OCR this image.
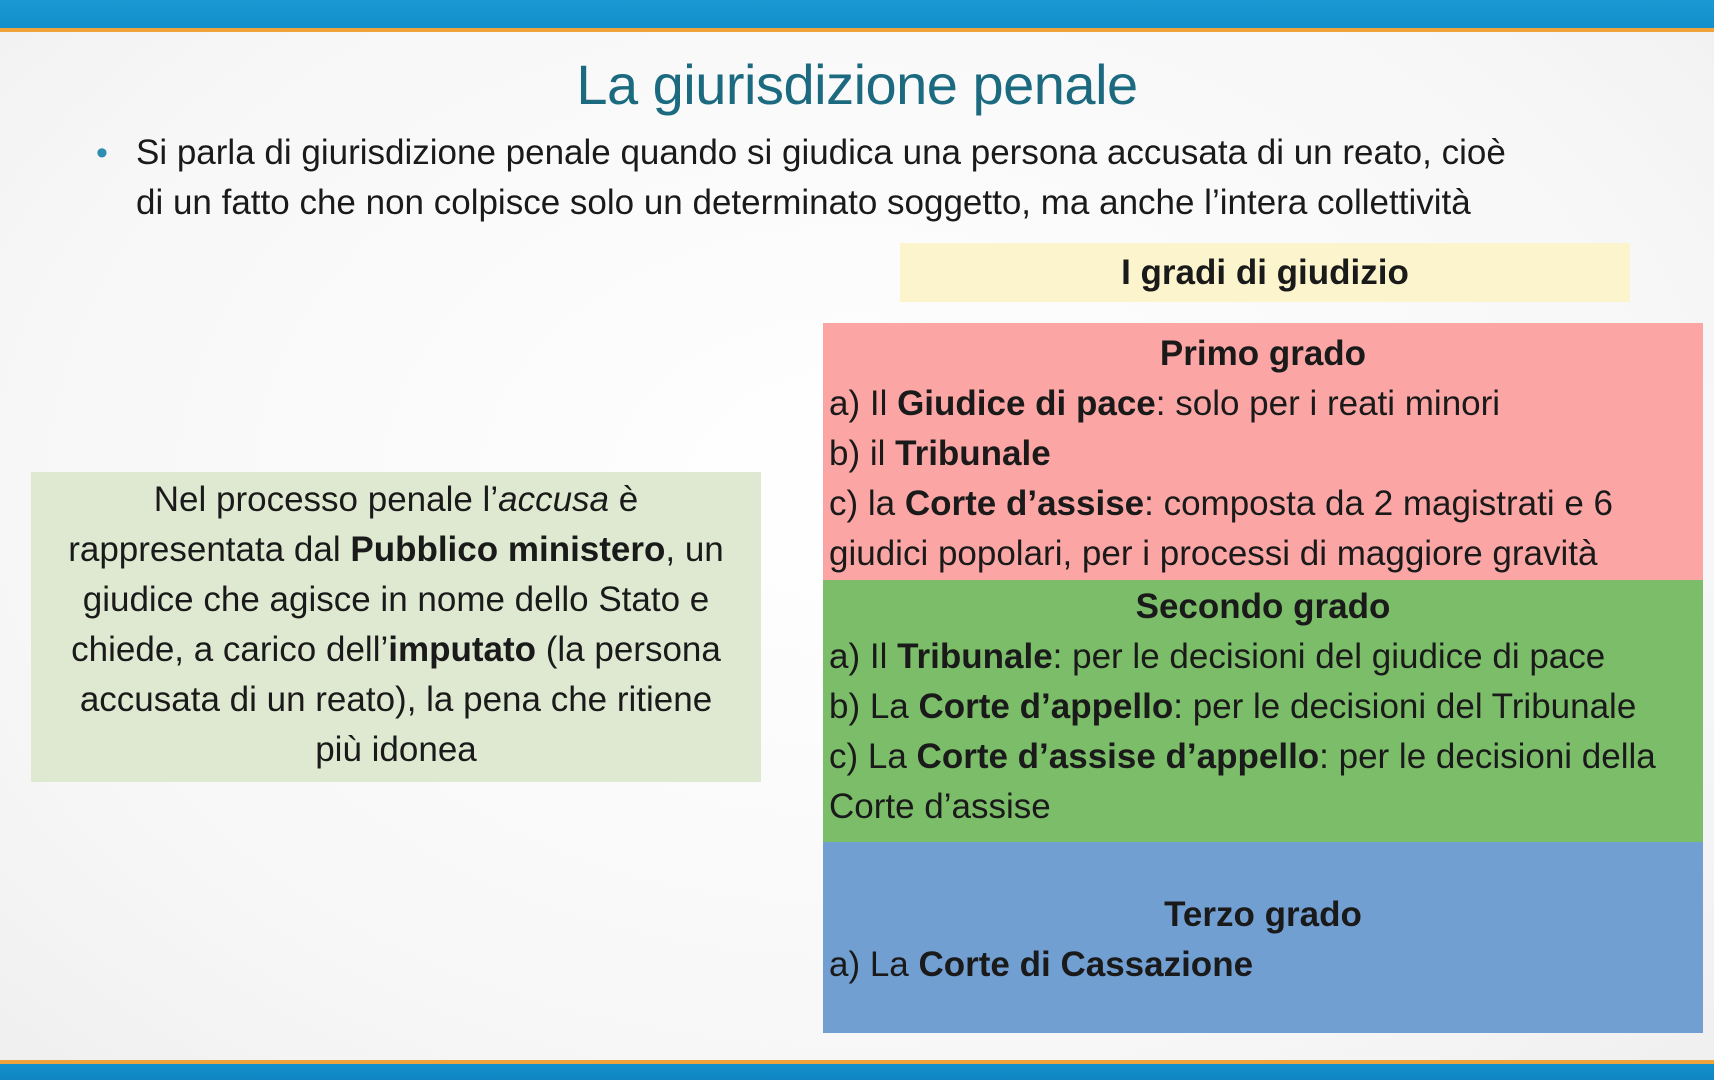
La giurisdizione penale
• Si parla di giurisdizione penale quando si giudica una persona accusata di un reato, cioè
di un fatto che non colpisce solo un determinato soggetto, ma anche l’intera collettività
I gradi di giudizio
Nel processo penale l’accusa è
rappresentata dal Pubblico ministero, un
giudice che agisce in nome dello Stato e
chiede, a carico dell’imputato (la persona
accusata di un reato), la pena che ritiene
più idonea
Primo grado
a) Il Giudice di pace: solo per i reati minori
b) il Tribunale
c) la Corte d’assise: composta da 2 magistrati e 6
giudici popolari, per i processi di maggiore gravità
Secondo grado
a) Il Tribunale: per le decisioni del giudice di pace
b) La Corte d’appello: per le decisioni del Tribunale
c) La Corte d’assise d’appello: per le decisioni della
Corte d’assise
Terzo grado
a) La Corte di Cassazione
